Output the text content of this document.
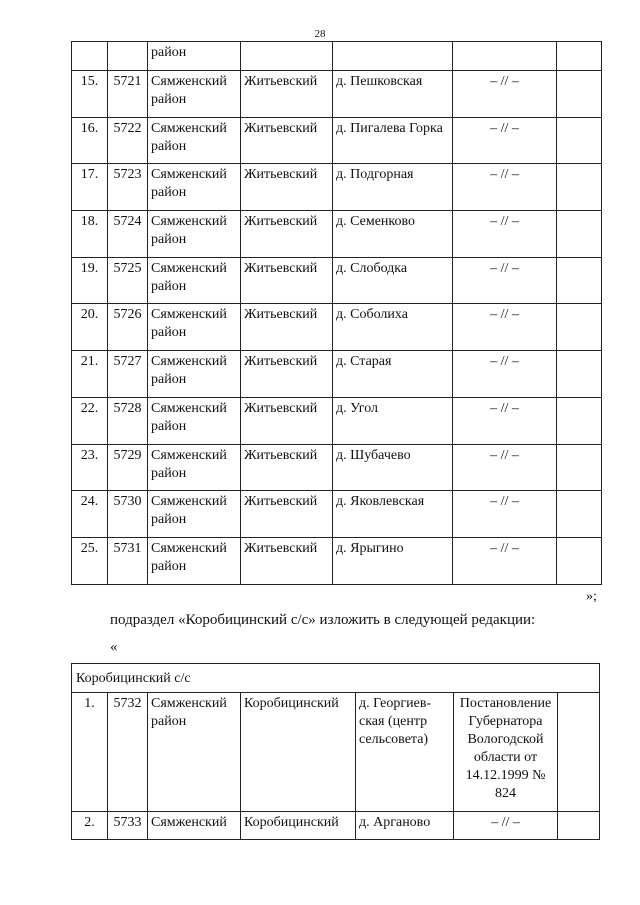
28
		район				
15.	5721	Сямженский район	Житьевский	д. Пешковская	– // –	
16.	5722	Сямженский район	Житьевский	д. Пигалева Горка	– // –	
17.	5723	Сямженский район	Житьевский	д. Подгорная	– // –	
18.	5724	Сямженский район	Житьевский	д. Семенково	– // –	
19.	5725	Сямженский район	Житьевский	д. Слободка	– // –	
20.	5726	Сямженский район	Житьевский	д. Соболиха	– // –	
21.	5727	Сямженский район	Житьевский	д. Старая	– // –	
22.	5728	Сямженский район	Житьевский	д. Угол	– // –	
23.	5729	Сямженский район	Житьевский	д. Шубачево	– // –	
24.	5730	Сямженский район	Житьевский	д. Яковлевская	– // –	
25.	5731	Сямженский район	Житьевский	д. Ярыгино	– // –	
»;
подраздел «Коробицинский с/с» изложить в следующей редакции:
«
Коробицинский с/с						
1.	5732	Сямженский район	Коробицинский	д. Георгиев-ская (центр сельсовета)	Постановление Губернатора Вологодской области от 14.12.1999 № 824	
2.	5733	Сямженский	Коробицинский	д. Арганово	– // –	
